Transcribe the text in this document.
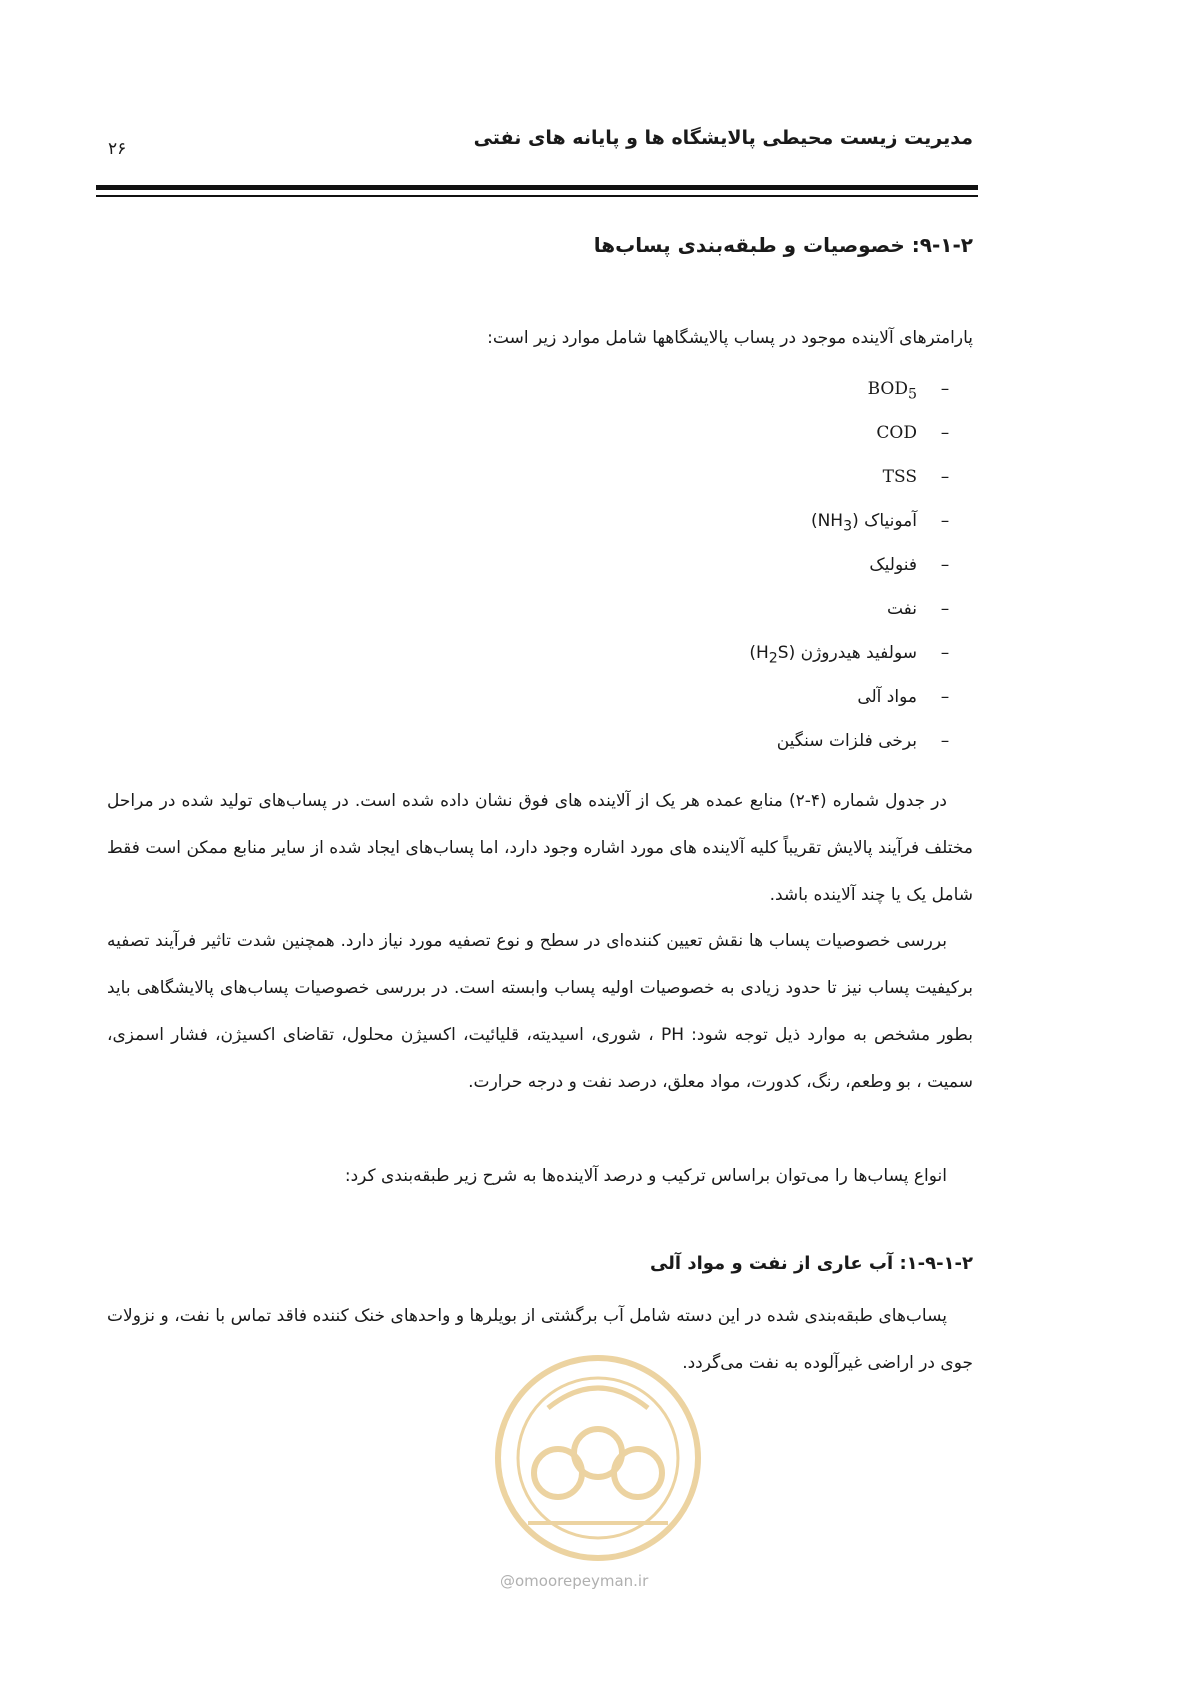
مدیریت زیست محیطی پالایشگاه ها و پایانه های نفتی
۲۶
۹-۱-۲: خصوصیات و طبقه‌بندی پساب‌ها
پارامترهای آلاینده موجود در پساب پالایشگاهها شامل موارد زیر است:
$-BOD_5$
–COD
–TSS
–آمونیاک $(NH_3)$
–فنولیک
–نفت
–سولفید هیدروژن $(H_2S)$
–مواد آلی
–برخی فلزات سنگین
در جدول شماره (۴-۲) منابع عمده هر یک از آلاینده های فوق نشان داده شده است. در پساب‌های تولید شده در مراحل مختلف فرآیند پالایش تقریباً کلیه آلاینده های مورد اشاره وجود دارد، اما پساب‌های ایجاد شده از سایر منابع ممکن است فقط شامل یک یا چند آلاینده باشد.
بررسی خصوصیات پساب ها نقش تعیین کننده‌ای در سطح و نوع تصفیه مورد نیاز دارد. همچنین شدت تاثیر فرآیند تصفیه برکیفیت پساب نیز تا حدود زیادی به خصوصیات اولیه پساب وابسته است. در بررسی خصوصیات پساب‌های پالایشگاهی باید بطور مشخص به موارد ذیل توجه شود: PH ، شوری، اسیدیته، قلیائیت، اکسیژن محلول، تقاضای اکسیژن، فشار اسمزی، سمیت ، بو وطعم، رنگ، کدورت، مواد معلق، درصد نفت و درجه حرارت.
انواع پساب‌ها را می‌توان براساس ترکیب و درصد آلاینده‌ها به شرح زیر طبقه‌بندی کرد:
۱-۹-۱-۲: آب عاری از نفت و مواد آلی
پساب‌های طبقه‌بندی شده در این دسته شامل آب برگشتی از بویلرها و واحدهای خنک کننده فاقد تماس با نفت، و نزولات جوی در اراضی غیرآلوده به نفت می‌گردد.
@omoorepeyman.ir
